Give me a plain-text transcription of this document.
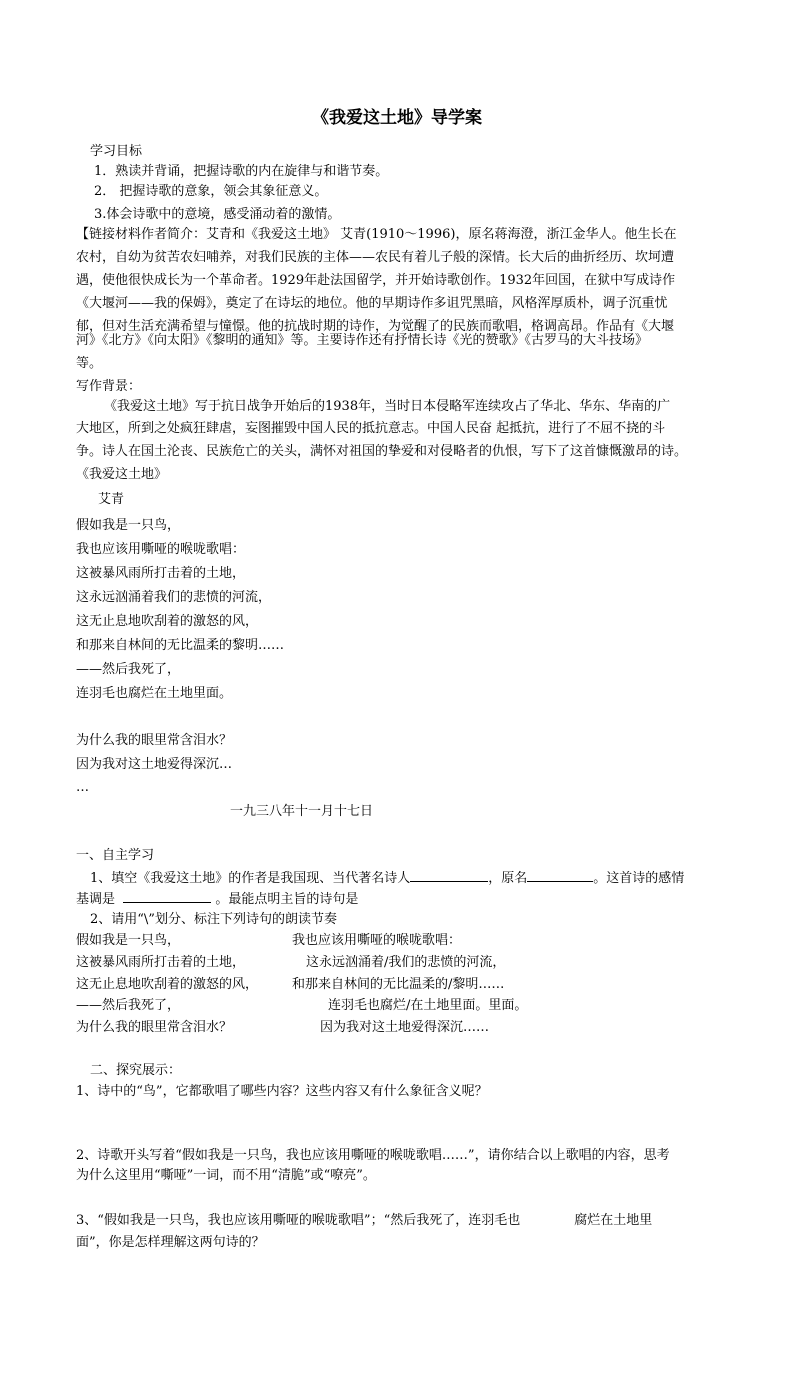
《我爱这土地》导学案
学习目标
1．熟读并背诵，把握诗歌的内在旋律与和谐节奏。
2． 把握诗歌的意象，领会其象征意义。
3.体会诗歌中的意境，感受涌动着的激情。
【链接材料作者简介：艾青和《我爱这土地》 艾青(1910～1996)，原名蒋海澄，浙江金华人。他生长在
农村，自幼为贫苦农妇哺养，对我们民族的主体——农民有着儿子般的深情。长大后的曲折经历、坎坷遭
遇，使他很快成长为一个革命者。1929年赴法国留学，并开始诗歌创作。1932年回国，在狱中写成诗作
《大堰河——我的保姆》，奠定了在诗坛的地位。他的早期诗作多诅咒黑暗，风格浑厚质朴，调子沉重忧
郁，但对生活充满希望与憧憬。他的抗战时期的诗作，为觉醒了的民族而歌唱，格调高昂。作品有《大堰
河》《北方》《向太阳》《黎明的通知》等。主要诗作还有抒情长诗《光的赞歌》《古罗马的大斗技场》
等。
写作背景：
《我爱这土地》写于抗日战争开始后的1938年，当时日本侵略军连续攻占了华北、华东、华南的广
大地区，所到之处疯狂肆虐，妄图摧毁中国人民的抵抗意志。中国人民奋 起抵抗，进行了不屈不挠的斗
争。诗人在国土沦丧、民族危亡的关头，满怀对祖国的挚爱和对侵略者的仇恨，写下了这首慷慨激昂的诗。
《我爱这土地》
艾青
假如我是一只鸟，
我也应该用嘶哑的喉咙歌唱：
这被暴风雨所打击着的土地，
这永远汹涌着我们的悲愤的河流，
这无止息地吹刮着的激怒的风，
和那来自林间的无比温柔的黎明……
——然后我死了，
连羽毛也腐烂在土地里面。
为什么我的眼里常含泪水？
因为我对这土地爱得深沉…
…
一九三八年十一月十七日
一、自主学习
1、填空《我爱这土地》的作者是我国现、当代著名诗人	，原名	。这首诗的感情
基调是	。最能点明主旨的诗句是
2、请用“\”划分、标注下列诗句的朗读节奏
假如我是一只鸟，	我也应该用嘶哑的喉咙歌唱：
这被暴风雨所打击着的土地，	这永远汹涌着/我们的悲愤的河流，
这无止息地吹刮着的激怒的风，	和那来自林间的无比温柔的/黎明……
——然后我死了，	连羽毛也腐烂/在土地里面。里面。
为什么我的眼里常含泪水？	因为我对这土地爱得深沉……
二、探究展示：
1、诗中的“鸟”，它都歌唱了哪些内容？这些内容又有什么象征含义呢？
2、诗歌开头写着“假如我是一只鸟，我也应该用嘶哑的喉咙歌唱……”，请你结合以上歌唱的内容，思考
为什么这里用“嘶哑”一词，而不用“清脆”或“嘹亮”。
3、“假如我是一只鸟，我也应该用嘶哑的喉咙歌唱”；“然后我死了，连羽毛也	腐烂在土地里
面”，你是怎样理解这两句诗的？
